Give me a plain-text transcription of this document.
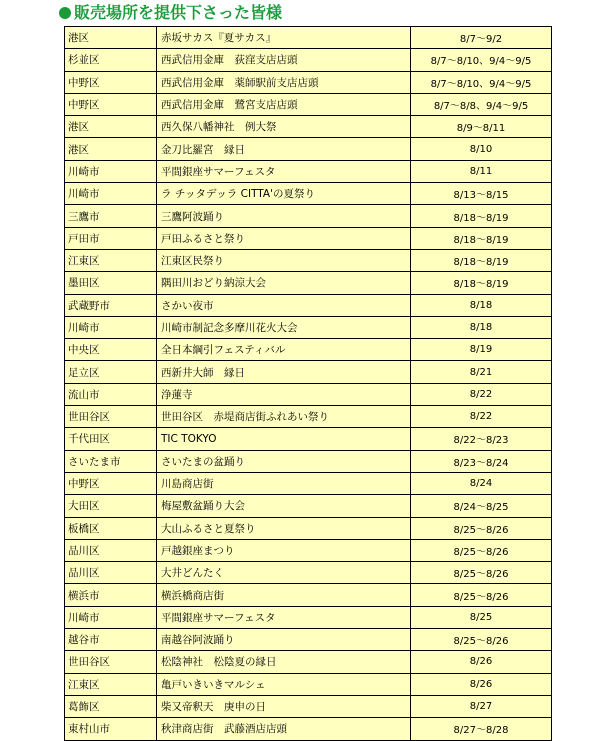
販売場所を提供下さった皆様
港区	赤坂サカス『夏サカス』	8/7～9/2
杉並区	西武信用金庫　荻窪支店店頭	8/7～8/10、9/4～9/5
中野区	西武信用金庫　薬師駅前支店店頭	8/7～8/10、9/4～9/5
中野区	西武信用金庫　鷺宮支店店頭	8/7～8/8、9/4～9/5
港区	西久保八幡神社　例大祭	8/9～8/11
港区	金刀比羅宮　縁日	8/10
川崎市	平間銀座サマーフェスタ	8/11
川崎市	ラ チッタデッラ CITTA'の夏祭り	8/13～8/15
三鷹市	三鷹阿波踊り	8/18～8/19
戸田市	戸田ふるさと祭り	8/18～8/19
江東区	江東区民祭り	8/18～8/19
墨田区	隅田川おどり納涼大会	8/18～8/19
武蔵野市	さかい夜市	8/18
川崎市	川崎市制記念多摩川花火大会	8/18
中央区	全日本綱引フェスティバル	8/19
足立区	西新井大師　縁日	8/21
流山市	浄蓮寺	8/22
世田谷区	世田谷区　赤堤商店街ふれあい祭り	8/22
千代田区	TIC TOKYO	8/22～8/23
さいたま市	さいたまの盆踊り	8/23～8/24
中野区	川島商店街	8/24
大田区	梅屋敷盆踊り大会	8/24～8/25
板橋区	大山ふるさと夏祭り	8/25～8/26
品川区	戸越銀座まつり	8/25～8/26
品川区	大井どんたく	8/25～8/26
横浜市	横浜橋商店街	8/25～8/26
川崎市	平間銀座サマーフェスタ	8/25
越谷市	南越谷阿波踊り	8/25～8/26
世田谷区	松陰神社　松陰夏の縁日	8/26
江東区	亀戸いきいきマルシェ	8/26
葛飾区	柴又帝釈天　庚申の日	8/27
東村山市	秋津商店街　武藤酒店店頭	8/27～8/28
